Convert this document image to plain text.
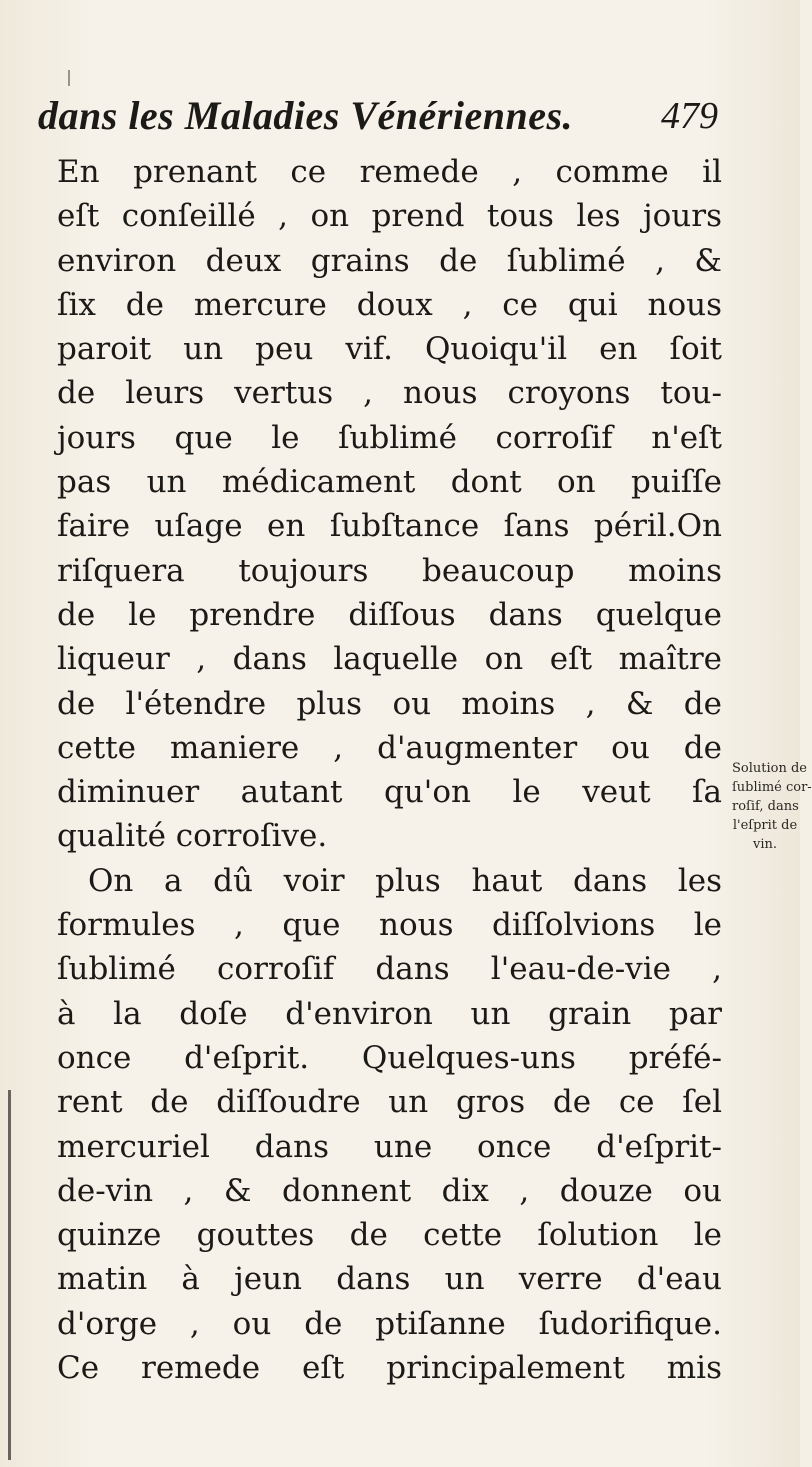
dans les Maladies Vénériennes. 479
En prenant ce remede , comme il
eſt conſeillé , on prend tous les jours
environ deux grains de ſublimé , &
ſix de mercure doux , ce qui nous
paroit un peu vif. Quoiqu'il en ſoit
de leurs vertus , nous croyons tou-
jours que le ſublimé corroſif n'eſt
pas un médicament dont on puiſſe
faire uſage en ſubſtance ſans péril.On
riſquera toujours beaucoup moins
de le prendre diſſous dans quelque
liqueur , dans laquelle on eſt maître
de l'étendre plus ou moins , & de
cette maniere , d'augmenter ou de
diminuer autant qu'on le veut ſa
qualité corroſive.
On a dû voir plus haut dans les
formules , que nous diſſolvions le
ſublimé corroſif dans l'eau-de-vie ,
à la doſe d'environ un grain par
once d'eſprit. Quelques-uns préfé-
rent de diſſoudre un gros de ce ſel
mercuriel dans une once d'eſprit-
de-vin , & donnent dix , douze ou
quinze gouttes de cette ſolution le
matin à jeun dans un verre d'eau
d'orge , ou de ptiſanne ſudorifique.
Ce remede eſt principalement mis
Solution de
ſublimé cor-
roſif, dans
l'eſprit de
vin.
